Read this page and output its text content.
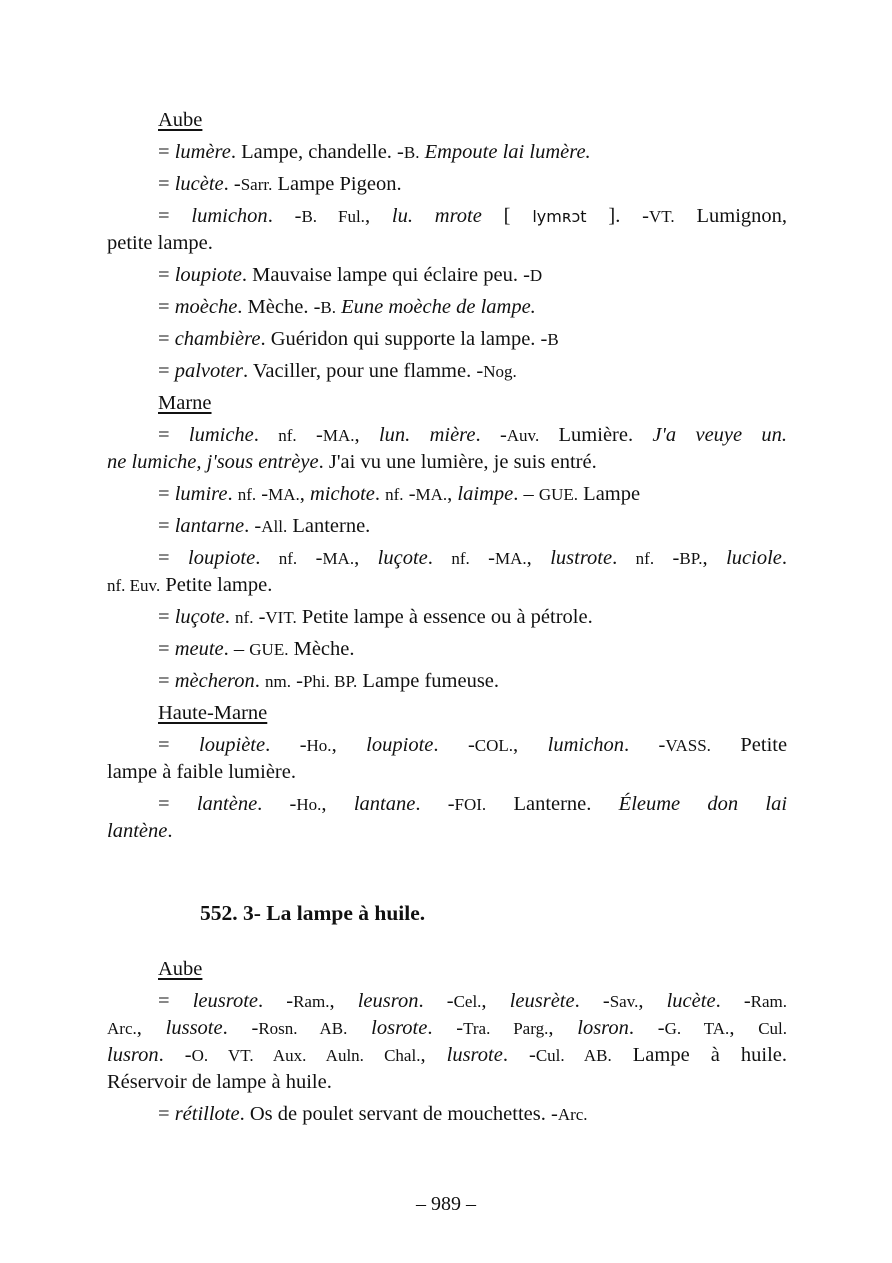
Aube
= lumère. Lampe, chandelle. -B. Empoute lai lumère.
= lucète. -Sarr. Lampe Pigeon.
= lumichon. -B. Ful., lu. mrote [ lymʀɔt ]. -VT. Lumignon,
petite lampe.
= loupiote. Mauvaise lampe qui éclaire peu. -D
= moèche. Mèche. -B. Eune moèche de lampe.
= chambière. Guéridon qui supporte la lampe. -B
= palvoter. Vaciller, pour une flamme. -Nog.
Marne
= lumiche. nf. -MA., lun. mière. -Auv. Lumière. J'a veuye un.
ne lumiche, j'sous entrèye. J'ai vu une lumière, je suis entré.
= lumire. nf. -MA., michote. nf. -MA., laimpe. – GUE. Lampe
= lantarne. -All. Lanterne.
= loupiote. nf. -MA., luçote. nf. -MA., lustrote. nf. -BP., luciole.
nf. Euv. Petite lampe.
= luçote. nf. -VIT. Petite lampe à essence ou à pétrole.
= meute. – GUE. Mèche.
= mècheron. nm. -Phi. BP. Lampe fumeuse.
Haute-Marne
= loupiète. -Ho., loupiote. -COL., lumichon. -VASS. Petite
lampe à faible lumière.
= lantène. -Ho., lantane. -FOI. Lanterne. Éleume don lai
lantène.
552. 3- La lampe à huile.
Aube
= leusrote. -Ram., leusron. -Cel., leusrète. -Sav., lucète. -Ram.
Arc., lussote. -Rosn. AB. losrote. -Tra. Parg., losron. -G. TA., Cul.
lusron. -O. VT. Aux. Auln. Chal., lusrote. -Cul. AB. Lampe à huile.
Réservoir de lampe à huile.
= rétillote. Os de poulet servant de mouchettes. -Arc.
– 989 –
